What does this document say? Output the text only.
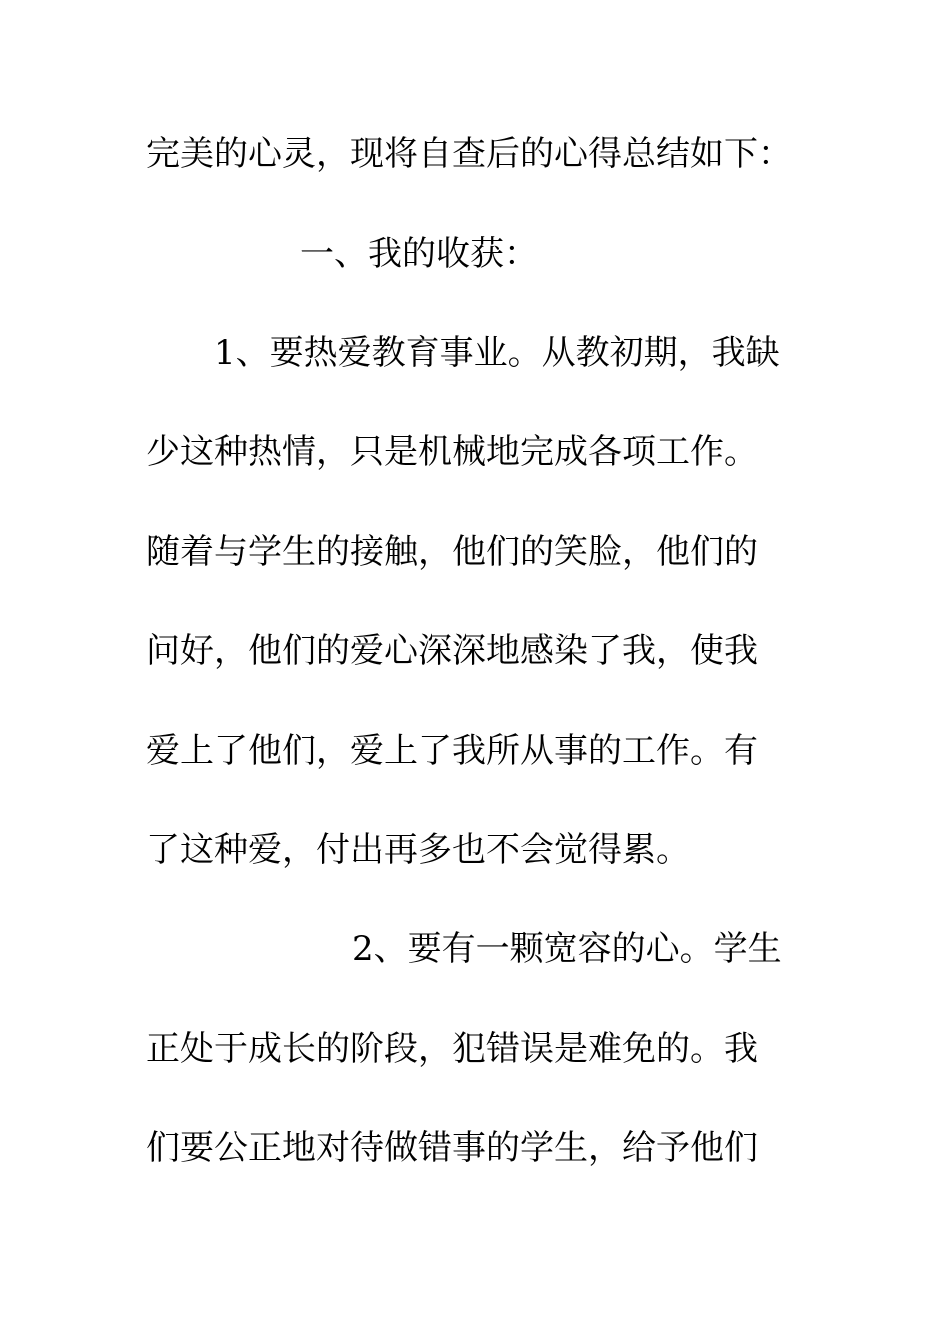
完美的心灵，现将自查后的心得总结如下：
一、我的收获：
1、要热爱教育事业。从教初期，我缺
少这种热情，只是机械地完成各项工作。
随着与学生的接触，他们的笑脸，他们的
问好，他们的爱心深深地感染了我，使我
爱上了他们，爱上了我所从事的工作。有
了这种爱，付出再多也不会觉得累。
2、要有一颗宽容的心。学生
正处于成长的阶段，犯错误是难免的。我
们要公正地对待做错事的学生，给予他们
